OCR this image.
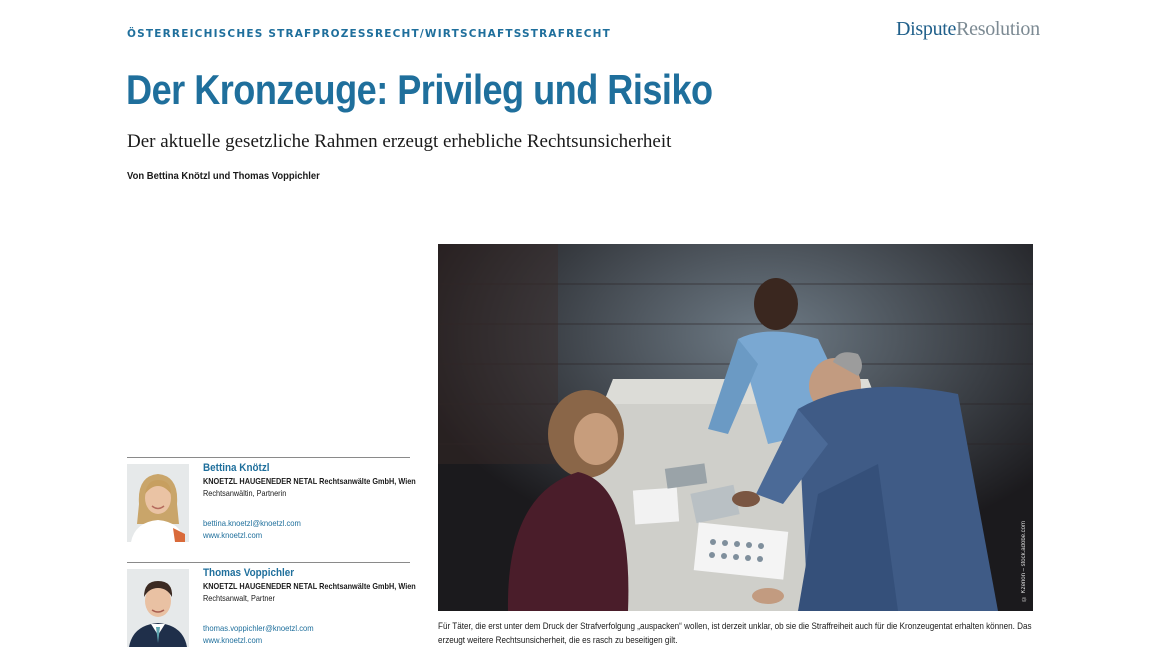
ÖSTERREICHISCHES STRAFPROZESSRECHT/WIRTSCHAFTSSTRAFRECHT	DisputeResolution
Der Kronzeuge: Privileg und Risiko
Der aktuelle gesetzliche Rahmen erzeugt erhebliche Rechtsunsicherheit
Von Bettina Knötzl und Thomas Voppichler
Bettina Knötzl
KNOETZL HAUGENEDER NETAL Rechtsanwälte GmbH, Wien
Rechtsanwältin, Partnerin
bettina.knoetzl@knoetzl.com
www.knoetzl.com
Thomas Voppichler
KNOETZL HAUGENEDER NETAL Rechtsanwälte GmbH, Wien
Rechtsanwalt, Partner
thomas.voppichler@knoetzl.com
www.knoetzl.com
© Kzenon – stock.adobe.com
Für Täter, die erst unter dem Druck der Strafverfolgung „auspacken“ wollen, ist derzeit unklar, ob sie die Straffreiheit auch für die Kronzeugentat erhalten können. Das
erzeugt weitere Rechtsunsicherheit, die es rasch zu beseitigen gilt.
